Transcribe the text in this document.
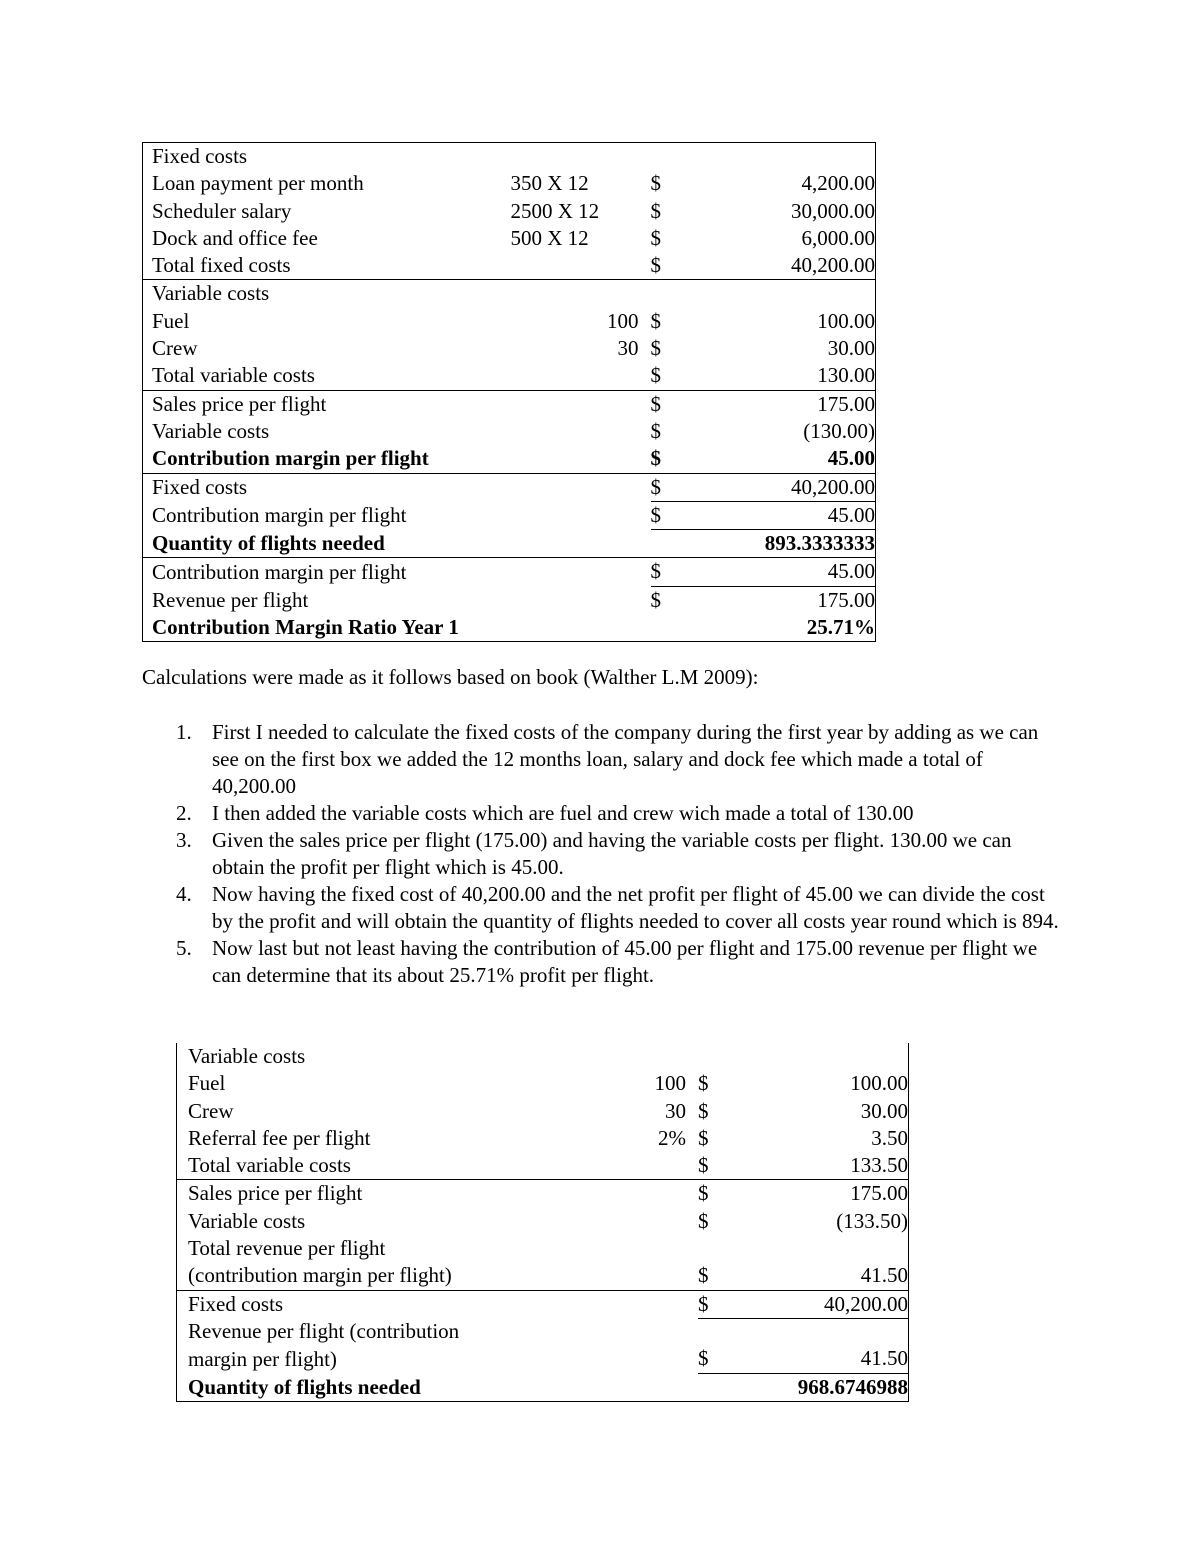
Fixed costs			
Loan payment per month	350 X 12	$	4,200.00
Scheduler salary	2500 X 12	$	30,000.00
Dock and office fee	500 X 12	$	6,000.00
Total fixed costs		$	40,200.00
Variable costs			
Fuel	100	$	100.00
Crew	30	$	30.00
Total variable costs		$	130.00
Sales price per flight		$	175.00
Variable costs		$	(130.00)
Contribution margin per flight		$	45.00
Fixed costs		$	40,200.00
Contribution margin per flight		$	45.00
Quantity of flights needed			893.3333333
Contribution margin per flight		$	45.00
Revenue per flight		$	175.00
Contribution Margin Ratio Year 1			25.71%

Calculations were made as it follows based on book (Walther L.M 2009):

1. First I needed to calculate the fixed costs of the company during the first year by adding as we can see on the first box we added the 12 months loan, salary and dock fee which made a total of 40,200.00
2. I then added the variable costs which are fuel and crew wich made a total of 130.00
3. Given the sales price per flight (175.00) and having the variable costs per flight. 130.00 we can obtain the profit per flight which is 45.00.
4. Now having the fixed cost of 40,200.00 and the net profit per flight of 45.00 we can divide the cost by the profit and will obtain the quantity of flights needed to cover all costs year round which is 894.
5. Now last but not least having the contribution of 45.00 per flight and 175.00 revenue per flight we can determine that its about 25.71% profit per flight.
Variable costs			
Fuel	100	$	100.00
Crew	30	$	30.00
Referral fee per flight	2%	$	3.50
Total variable costs		$	133.50
Sales price per flight		$	175.00
Variable costs		$	(133.50)
Total revenue per flight			
(contribution margin per flight)		$	41.50
Fixed costs		$	40,200.00
Revenue per flight (contribution margin per flight)		$	41.50
Quantity of flights needed			968.6746988
